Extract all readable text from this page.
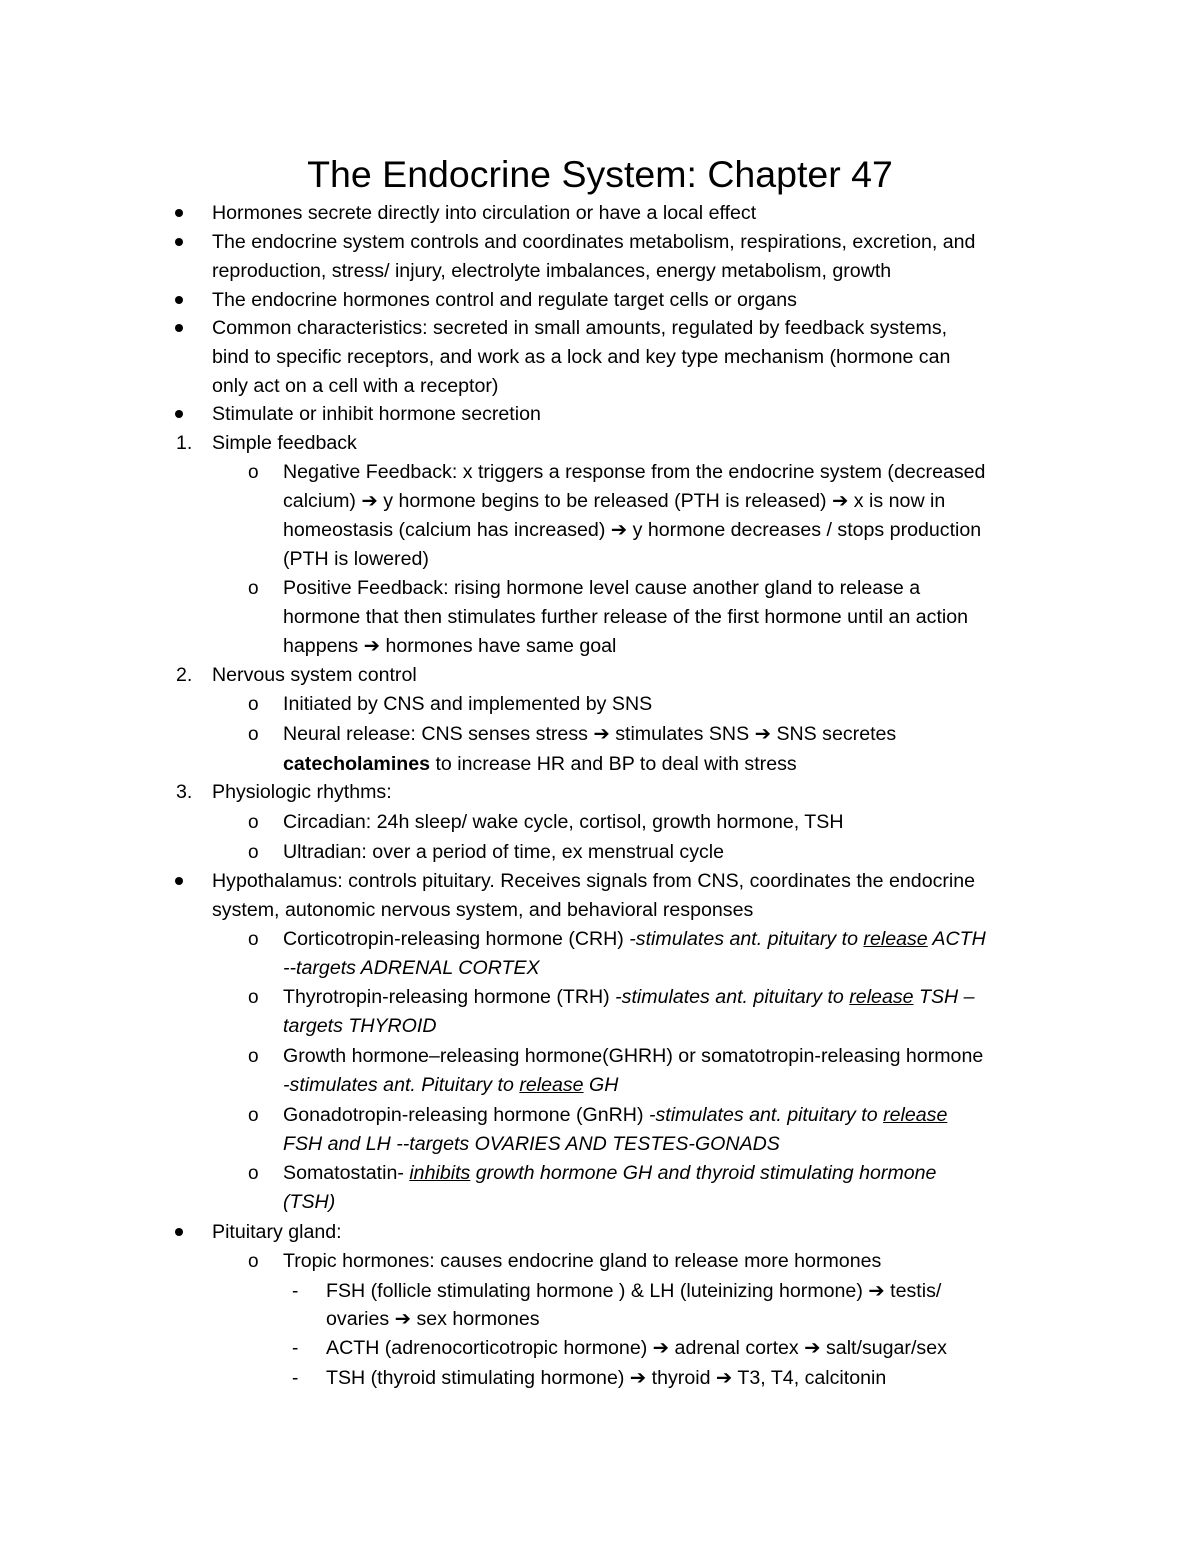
The Endocrine System: Chapter 47
Hormones secrete directly into circulation or have a local effect
The endocrine system controls and coordinates metabolism, respirations, excretion, and
reproduction, stress/ injury, electrolyte imbalances, energy metabolism, growth
The endocrine hormones control and regulate target cells or organs
Common characteristics: secreted in small amounts, regulated by feedback systems,
bind to specific receptors, and work as a lock and key type mechanism (hormone can
only act on a cell with a receptor)
Stimulate or inhibit hormone secretion
1. Simple feedback
o Negative Feedback: x triggers a response from the endocrine system (decreased
calcium) ➔ y hormone begins to be released (PTH is released) ➔ x is now in
homeostasis (calcium has increased) ➔ y hormone decreases / stops production
(PTH is lowered)
o Positive Feedback: rising hormone level cause another gland to release a
hormone that then stimulates further release of the first hormone until an action
happens ➔ hormones have same goal
2. Nervous system control
o Initiated by CNS and implemented by SNS
o Neural release: CNS senses stress ➔ stimulates SNS ➔ SNS secretes
catecholamines to increase HR and BP to deal with stress
3. Physiologic rhythms:
o Circadian: 24h sleep/ wake cycle, cortisol, growth hormone, TSH
o Ultradian: over a period of time, ex menstrual cycle
Hypothalamus: controls pituitary. Receives signals from CNS, coordinates the endocrine
system, autonomic nervous system, and behavioral responses
o Corticotropin-releasing hormone (CRH) -stimulates ant. pituitary to release ACTH
--targets ADRENAL CORTEX
o Thyrotropin-releasing hormone (TRH) -stimulates ant. pituitary to release TSH –
targets THYROID
o Growth hormone–releasing hormone(GHRH) or somatotropin-releasing hormone
-stimulates ant. Pituitary to release GH
o Gonadotropin-releasing hormone (GnRH) -stimulates ant. pituitary to release
FSH and LH --targets OVARIES AND TESTES-GONADS
o Somatostatin- inhibits growth hormone GH and thyroid stimulating hormone
(TSH)
Pituitary gland:
o Tropic hormones: causes endocrine gland to release more hormones
- FSH (follicle stimulating hormone ) & LH (luteinizing hormone) ➔ testis/
ovaries ➔ sex hormones
- ACTH (adrenocorticotropic hormone) ➔ adrenal cortex ➔ salt/sugar/sex
- TSH (thyroid stimulating hormone) ➔ thyroid ➔ T3, T4, calcitonin
